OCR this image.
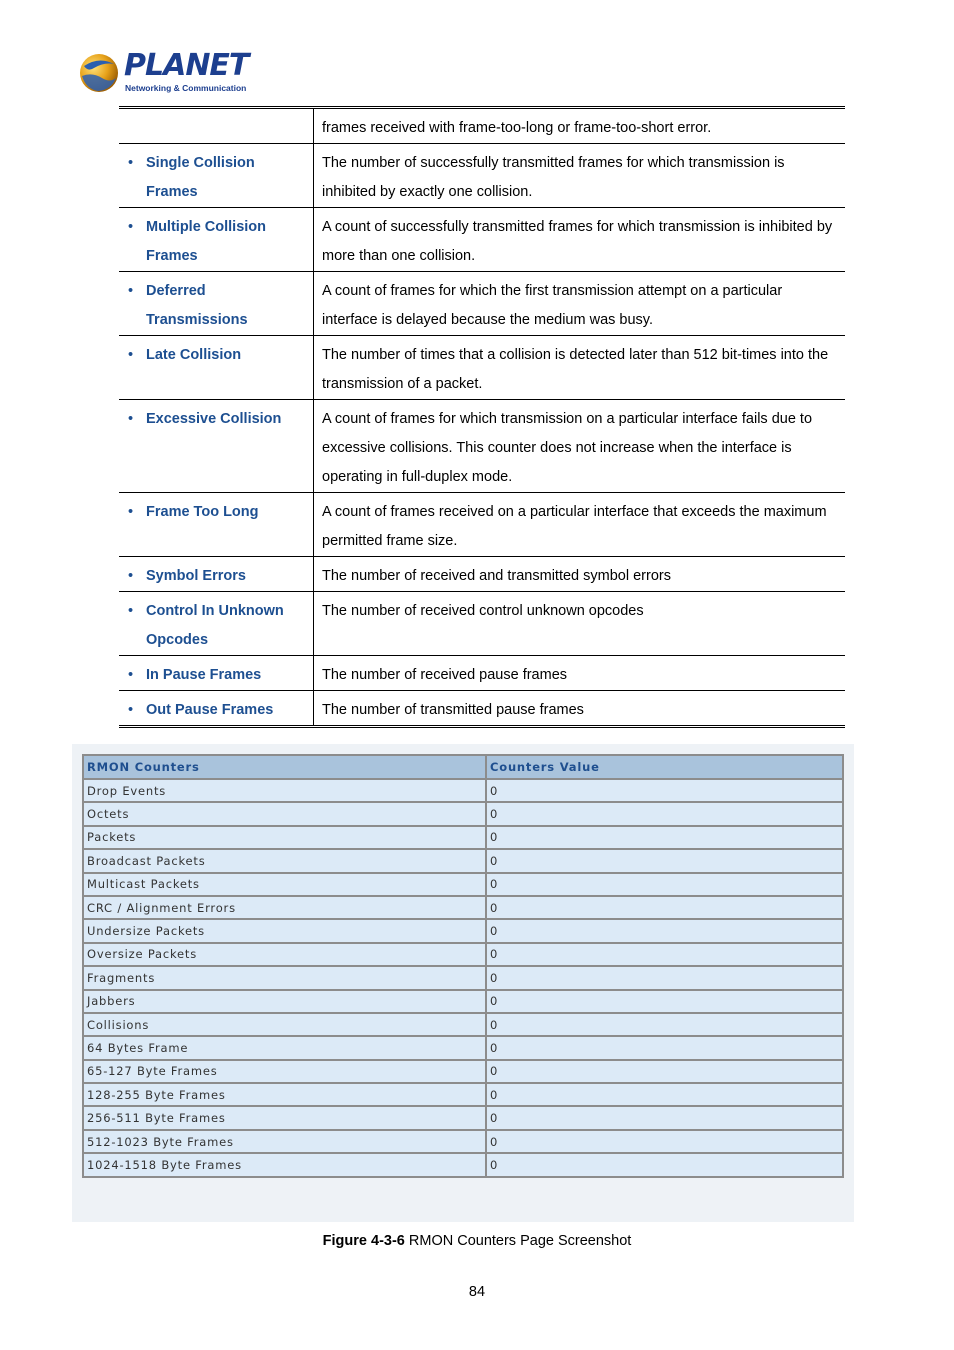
PLANET
Networking & Communication
	frames received with frame-too-long or frame-too-short error.

• Single Collision Frames	The number of successfully transmitted frames for which transmission is inhibited by exactly one collision.

• Multiple Collision Frames	A count of successfully transmitted frames for which transmission is inhibited by more than one collision.

• Deferred Transmissions	A count of frames for which the first transmission attempt on a particular interface is delayed because the medium was busy.

• Late Collision	The number of times that a collision is detected later than 512 bit-times into the transmission of a packet.

• Excessive Collision	A count of frames for which transmission on a particular interface fails due to excessive collisions. This counter does not increase when the interface is operating in full-duplex mode.

• Frame Too Long	A count of frames received on a particular interface that exceeds the maximum permitted frame size.

• Symbol Errors	The number of received and transmitted symbol errors

• Control In Unknown Opcodes	The number of received control unknown opcodes

• In Pause Frames	The number of received pause frames

• Out Pause Frames	The number of transmitted pause frames
RMON Counters	Counters Value
Drop Events	0
Octets	0
Packets	0
Broadcast Packets	0
Multicast Packets	0
CRC / Alignment Errors	0
Undersize Packets	0
Oversize Packets	0
Fragments	0
Jabbers	0
Collisions	0
64 Bytes Frame	0
65-127 Byte Frames	0
128-255 Byte Frames	0
256-511 Byte Frames	0
512-1023 Byte Frames	0
1024-1518 Byte Frames	0
Figure 4-3-6 RMON Counters Page Screenshot
84
